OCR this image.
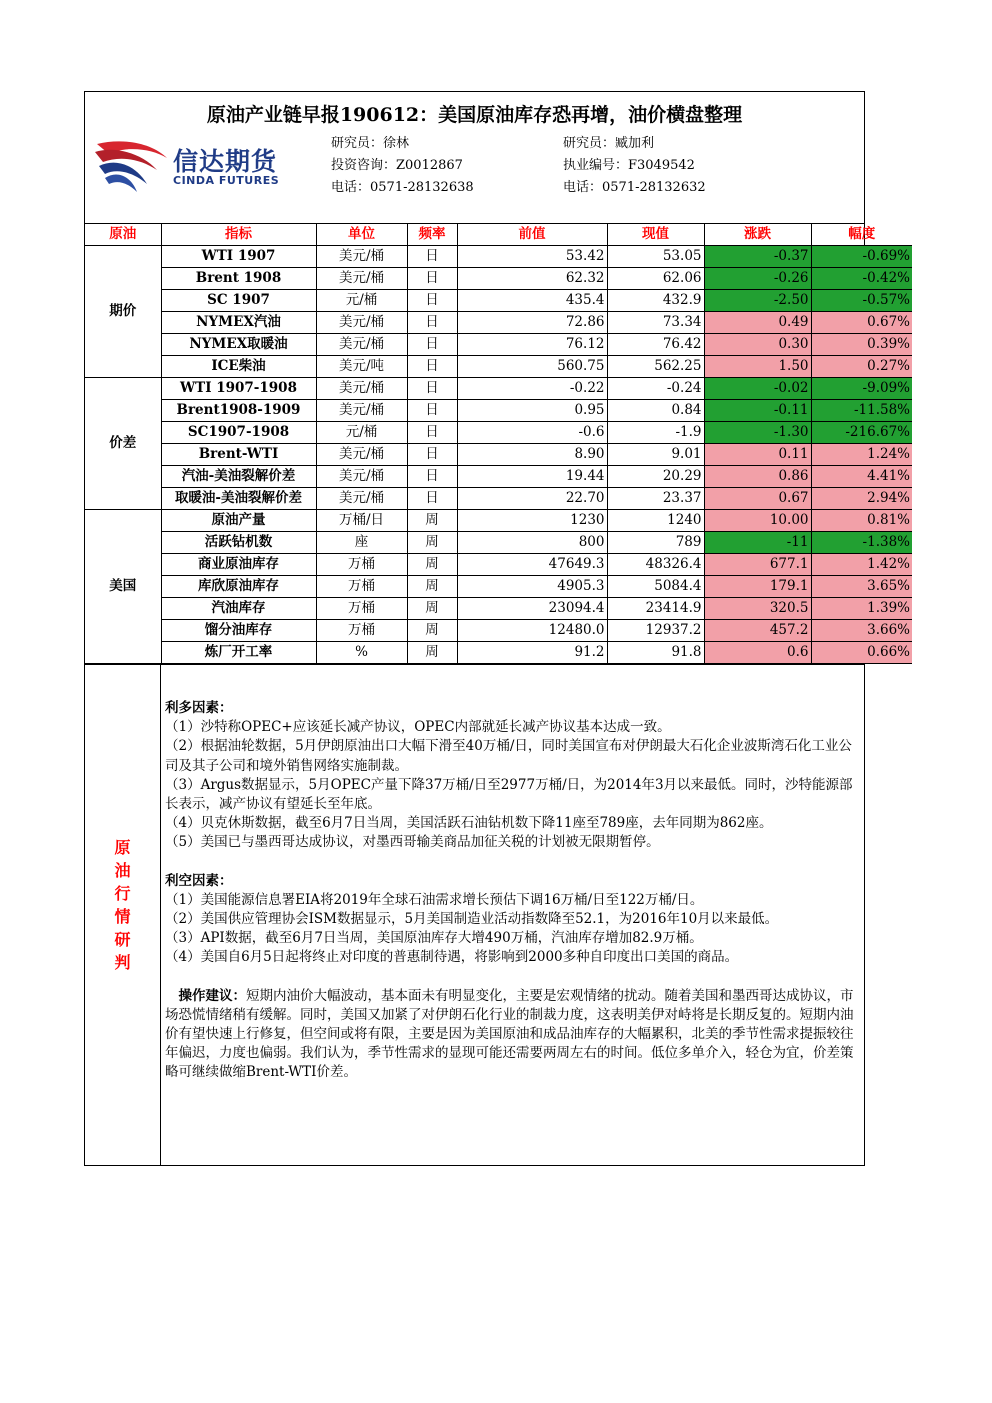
原油产业链早报190612：美国原油库存恐再增，油价横盘整理
信达期货
CINDA FUTURES
研究员：徐林
投资咨询：Z0012867
电话：0571-28132638
研究员：臧加利
执业编号：F3049542
电话：0571-28132632
原油	指标	单位	频率	前值	现值	涨跌	幅度
期价	WTI 1907	美元/桶	日	53.42	53.05	-0.37	-0.69%
	Brent 1908	美元/桶	日	62.32	62.06	-0.26	-0.42%
	SC 1907	元/桶	日	435.4	432.9	-2.50	-0.57%
	NYMEX汽油	美元/桶	日	72.86	73.34	0.49	0.67%
	NYMEX取暖油	美元/桶	日	76.12	76.42	0.30	0.39%
	ICE柴油	美元/吨	日	560.75	562.25	1.50	0.27%
价差	WTI 1907-1908	美元/桶	日	-0.22	-0.24	-0.02	-9.09%
	Brent1908-1909	美元/桶	日	0.95	0.84	-0.11	-11.58%
	SC1907-1908	元/桶	日	-0.6	-1.9	-1.30	-216.67%
	Brent-WTI	美元/桶	日	8.90	9.01	0.11	1.24%
	汽油-美油裂解价差	美元/桶	日	19.44	20.29	0.86	4.41%
	取暖油-美油裂解价差	美元/桶	日	22.70	23.37	0.67	2.94%
美国	原油产量	万桶/日	周	1230	1240	10.00	0.81%
	活跃钻机数	座	周	800	789	-11	-1.38%
	商业原油库存	万桶	周	47649.3	48326.4	677.1	1.42%
	库欣原油库存	万桶	周	4905.3	5084.4	179.1	3.65%
	汽油库存	万桶	周	23094.4	23414.9	320.5	1.39%
	馏分油库存	万桶	周	12480.0	12937.2	457.2	3.66%
	炼厂开工率	%	周	91.2	91.8	0.6	0.66%
原油行情研判

利多因素：

（1）沙特称OPEC+应该延长减产协议，OPEC内部就延长减产协议基本达成一致。

（2）根据油轮数据，5月伊朗原油出口大幅下滑至40万桶/日，同时美国宣布对伊朗最大石化企业波斯湾石化工业公司及其子公司和境外销售网络实施制裁。

（3）Argus数据显示，5月OPEC产量下降37万桶/日至2977万桶/日，为2014年3月以来最低。同时，沙特能源部长表示，减产协议有望延长至年底。

（4）贝克休斯数据，截至6月7日当周，美国活跃石油钻机数下降11座至789座，去年同期为862座。

（5）美国已与墨西哥达成协议，对墨西哥输美商品加征关税的计划被无限期暂停。

利空因素：

（1）美国能源信息署EIA将2019年全球石油需求增长预估下调16万桶/日至122万桶/日。

（2）美国供应管理协会ISM数据显示，5月美国制造业活动指数降至52.1，为2016年10月以来最低。

（3）API数据，截至6月7日当周，美国原油库存大增490万桶，汽油库存增加82.9万桶。

（4）美国自6月5日起将终止对印度的普惠制待遇，将影响到2000多种自印度出口美国的商品。

操作建议：短期内油价大幅波动，基本面未有明显变化，主要是宏观情绪的扰动。随着美国和墨西哥达成协议，市场恐慌情绪稍有缓解。同时，美国又加紧了对伊朗石化行业的制裁力度，这表明美伊对峙将是长期反复的。短期内油价有望快速上行修复，但空间或将有限，主要是因为美国原油和成品油库存的大幅累积，北美的季节性需求提振较往年偏迟，力度也偏弱。我们认为，季节性需求的显现可能还需要两周左右的时间。低位多单介入，轻仓为宜，价差策略可继续做缩Brent-WTI价差。
